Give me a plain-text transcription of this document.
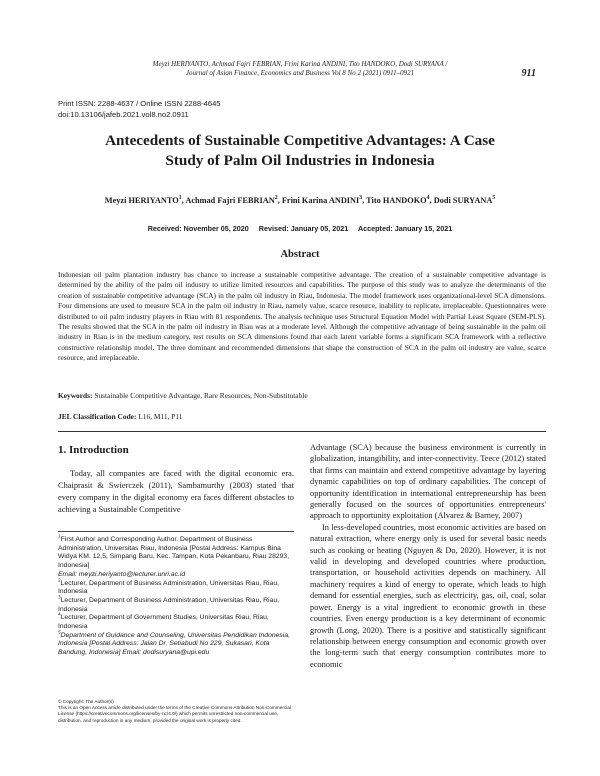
Meyzi HERIYANTO, Achmad Fajri FEBRIAN, Frini Karina ANDINI, Tito HANDOKO, Dodi SURYANA /
Journal of Asian Finance, Economics and Business Vol 8 No 2 (2021) 0911–0921	911
Print ISSN: 2288-4637 / Online ISSN 2288-4645
doi:10.13106/jafeb.2021.vol8.no2.0911
Antecedents of Sustainable Competitive Advantages: A Case
Study of Palm Oil Industries in Indonesia
Meyzi HERIYANTO$^1$, Achmad Fajri FEBRIAN$^2$, Frini Karina ANDINI$^3$, Tito HANDOKO$^4$, Dodi SURYANA$^5$
Received: November 05, 2020     Revised: January 05, 2021     Accepted: January 15, 2021
Abstract
Indonesian oil palm plantation industry has chance to increase a sustainable competitive advantage. The creation of a sustainable competitive advantage is determined by the ability of the palm oil industry to utilize limited resources and capabilities. The purpose of this study was to analyze the determinants of the creation of sustainable competitive advantage (SCA) in the palm oil industry in Riau, Indonesia. The model framework uses organizational-level SCA dimensions. Four dimensions are used to measure SCA in the palm oil industry in Riau, namely value, scarce resource, inability to replicate, irreplaceable. Questionnaires were distributed to oil palm industry players in Riau with 81 respondents. The analysis technique uses Structural Equation Model with Partial Least Square (SEM-PLS). The results showed that the SCA in the palm oil industry in Riau was at a moderate level. Although the competitive advantage of being sustainable in the palm oil industry in Riau is in the medium category, test results on SCA dimensions found that each latent variable forms a significant SCA framework with a reflective constructive relationship model. The three dominant and recommended dimensions that shape the construction of SCA in the palm oil industry are value, scarce resource, and irreplaceable.
Keywords: Sustainable Competitive Advantage, Rare Resources, Non-Substitutable
JEL Classification Code: L16, M11, P11
1. Introduction

Today, all companies are faced with the digital economic era. Chaiprasit & Swierczek (2011), Sambamurthy (2003) stated that every company in the digital economy era faces different obstacles to achieving a Sustainable Competitive

$^1$First Author and Corresponding Author. Department of Business Administration, Universitas Riau, Indonesia [Postal Address: Kampus Bina Widya KM. 12,5, Simpang Baru, Kec. Tampan, Kota Pekanbaru, Riau 28293, Indonesia]
Email: meyzi.heriyanto@lecturer.unri.ac.id

$^2$Lecturer, Department of Business Administration, Universitas Riau, Riau, Indonesia

$^3$Lecturer, Department of Business Administration, Universitas Riau, Riau, Indonesia

$^4$Lecturer, Department of Government Studies, Universitas Riau, Riau, Indonesia

$^5$Department of Guidance and Counseling, Universitas Pendidikan Indonesia, Indonesia [Postal Address: Jalan Dr. Setiabudi No 229, Sukasari, Kota Bandung, Indonesia] Email: dodisuryana@upi.edu

© Copyright: The Author(s)
This is an Open Access article distributed under the terms of the Creative Commons Attribution Non-Commercial License (https://creativecommons.org/licenses/by-nc/4.0/) which permits unrestricted non-commercial use, distribution, and reproduction in any medium, provided the original work is properly cited.

Advantage (SCA) because the business environment is currently in globalization, intangibility, and inter-connectivity. Teece (2012) stated that firms can maintain and extend competitive advantage by layering dynamic capabilities on top of ordinary capabilities. The concept of opportunity identification in international entrepreneurship has been generally focused on the sources of opportunities entrepreneurs' approach to opportunity exploitation (Alvarez & Barney, 2007)

In less-developed countries, most economic activities are based on natural extraction, where energy only is used for several basic needs such as cooking or heating (Nguyen & Do, 2020). However, it is not valid in developing and developed countries where production, transportation, or household activities depends on machinery. All machinery requires a kind of energy to operate, which leads to high demand for essential energies, such as electricity, gas, oil, coal, solar power. Energy is a vital ingredient to economic growth in these countries. Even energy production is a key determinant of economic growth (Long, 2020). There is a positive and statistically significant relationship between energy consumption and economic growth over the long-term such that energy consumption contributes more to economic
